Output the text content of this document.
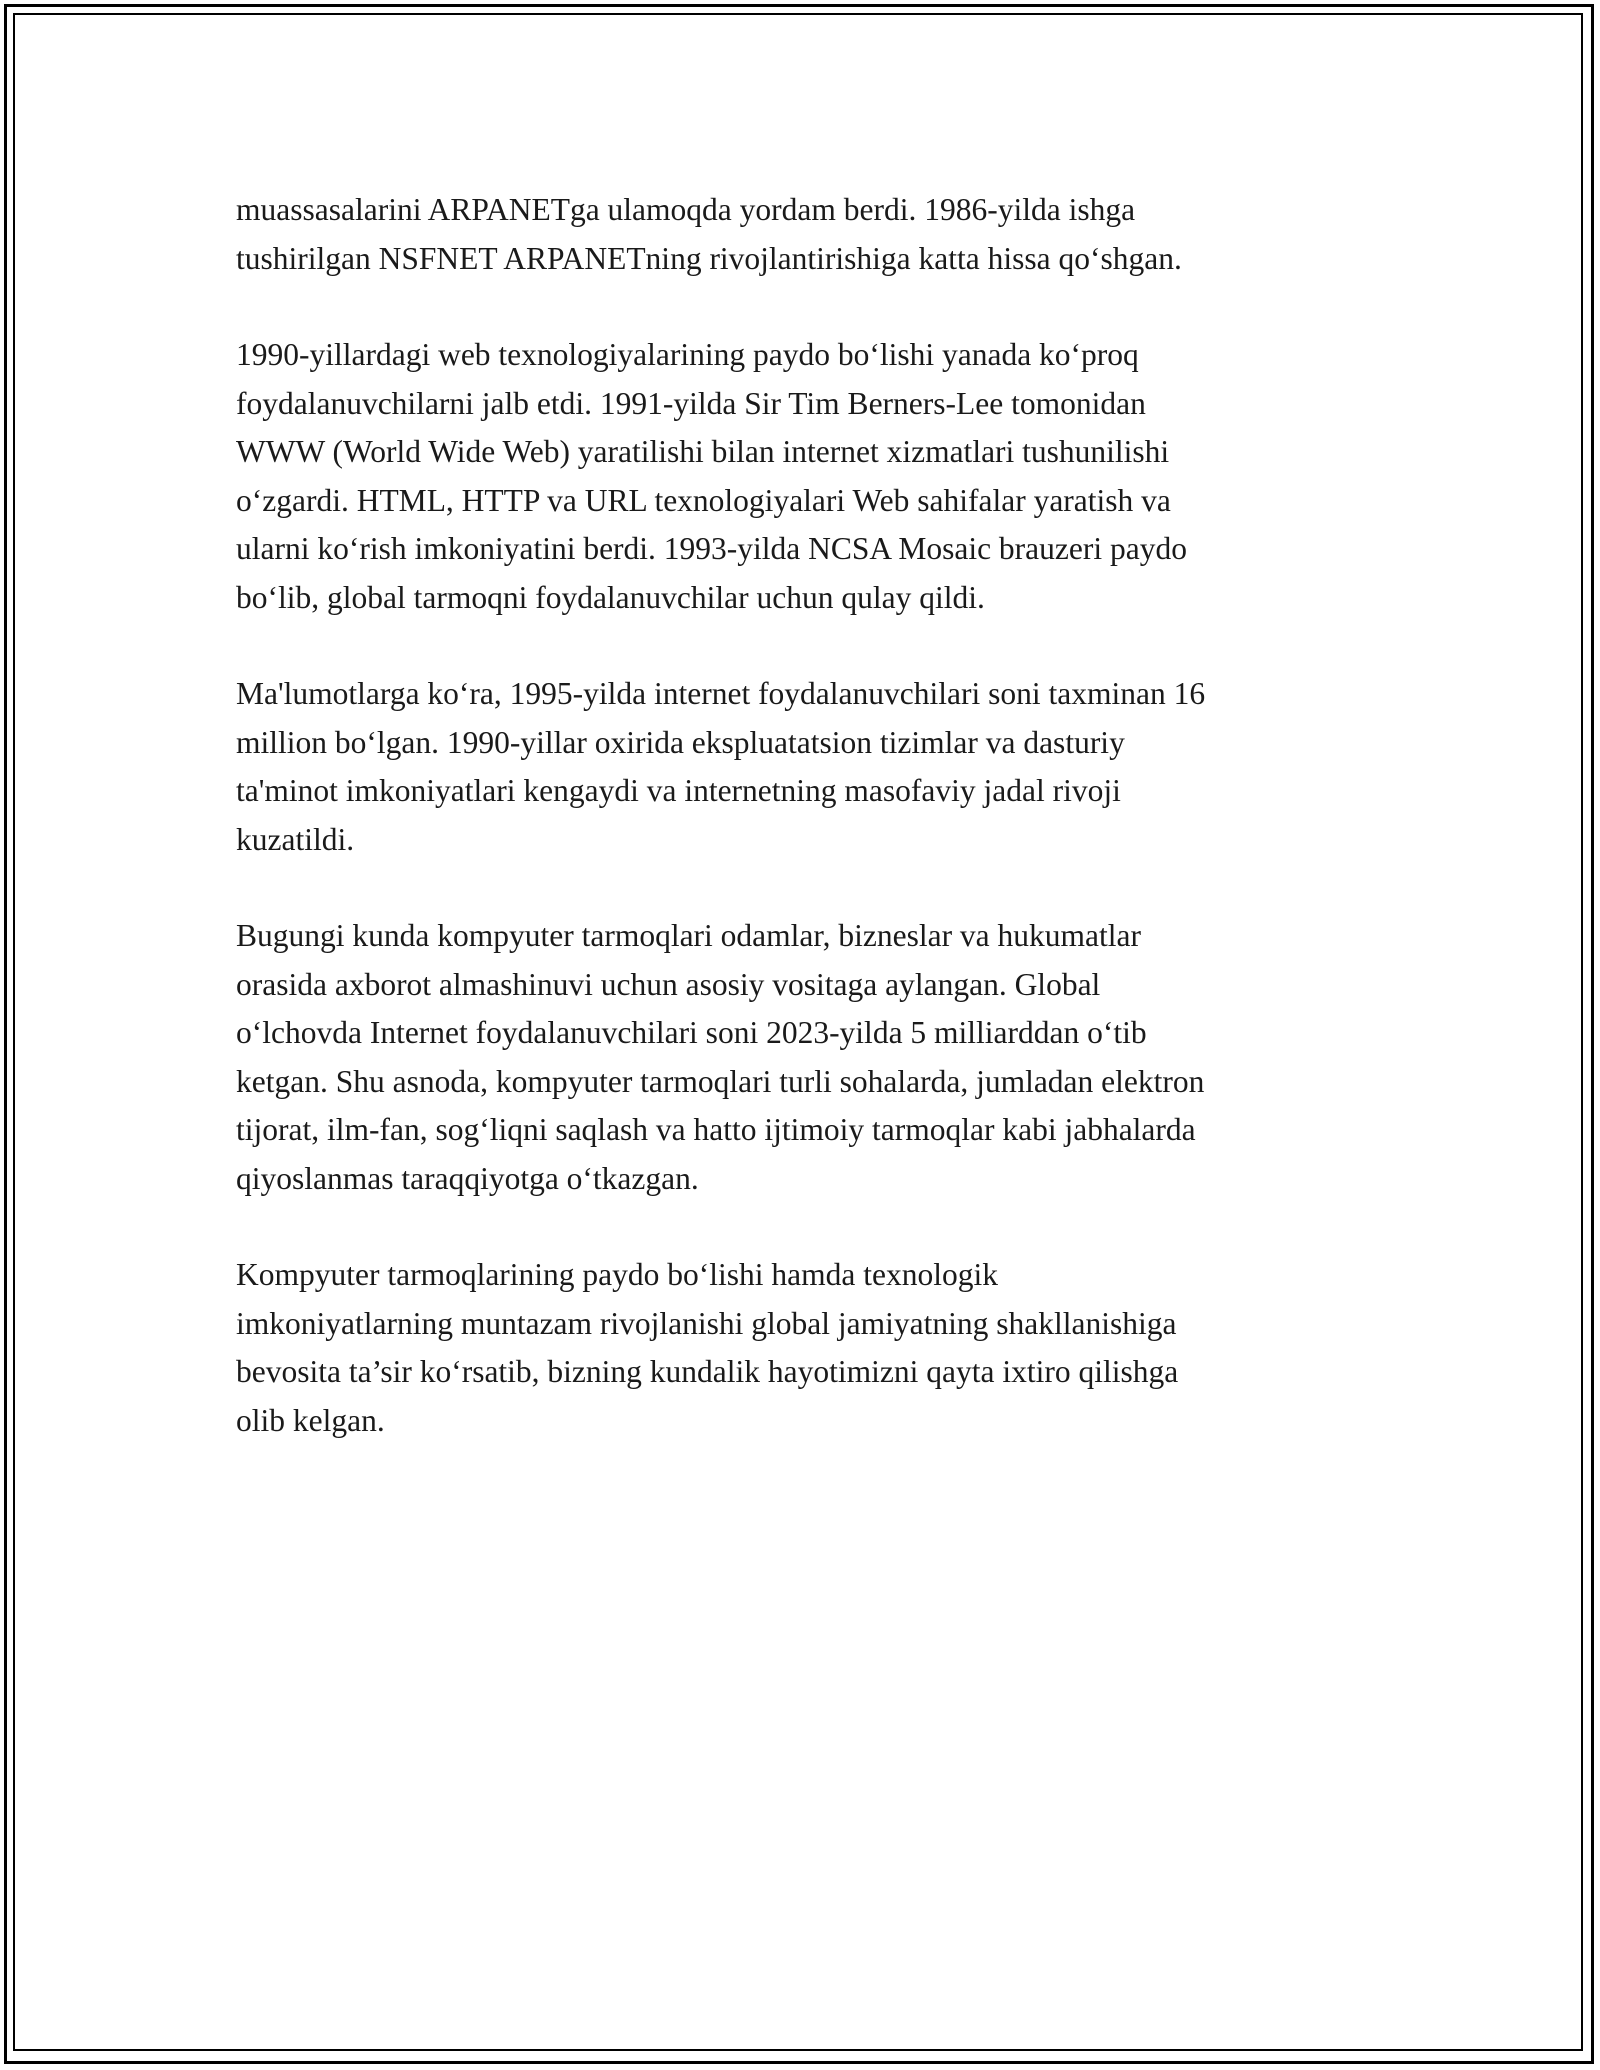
muassasalarini ARPANETga ulamoqda yordam berdi. 1986-yilda ishga
tushirilgan NSFNET ARPANETning rivojlantirishiga katta hissa qo‘shgan.

1990-yillardagi web texnologiyalarining paydo bo‘lishi yanada ko‘proq
foydalanuvchilarni jalb etdi. 1991-yilda Sir Tim Berners-Lee tomonidan
WWW (World Wide Web) yaratilishi bilan internet xizmatlari tushunilishi
o‘zgardi. HTML, HTTP va URL texnologiyalari Web sahifalar yaratish va
ularni ko‘rish imkoniyatini berdi. 1993-yilda NCSA Mosaic brauzeri paydo
bo‘lib, global tarmoqni foydalanuvchilar uchun qulay qildi.

Ma'lumotlarga ko‘ra, 1995-yilda internet foydalanuvchilari soni taxminan 16
million bo‘lgan. 1990-yillar oxirida ekspluatatsion tizimlar va dasturiy
ta'minot imkoniyatlari kengaydi va internetning masofaviy jadal rivoji
kuzatildi.

Bugungi kunda kompyuter tarmoqlari odamlar, bizneslar va hukumatlar
orasida axborot almashinuvi uchun asosiy vositaga aylangan. Global
o‘lchovda Internet foydalanuvchilari soni 2023-yilda 5 milliarddan o‘tib
ketgan. Shu asnoda, kompyuter tarmoqlari turli sohalarda, jumladan elektron
tijorat, ilm-fan, sog‘liqni saqlash va hatto ijtimoiy tarmoqlar kabi jabhalarda
qiyoslanmas taraqqiyotga o‘tkazgan.

Kompyuter tarmoqlarining paydo bo‘lishi hamda texnologik
imkoniyatlarning muntazam rivojlanishi global jamiyatning shakllanishiga
bevosita ta’sir ko‘rsatib, bizning kundalik hayotimizni qayta ixtiro qilishga
olib kelgan.
